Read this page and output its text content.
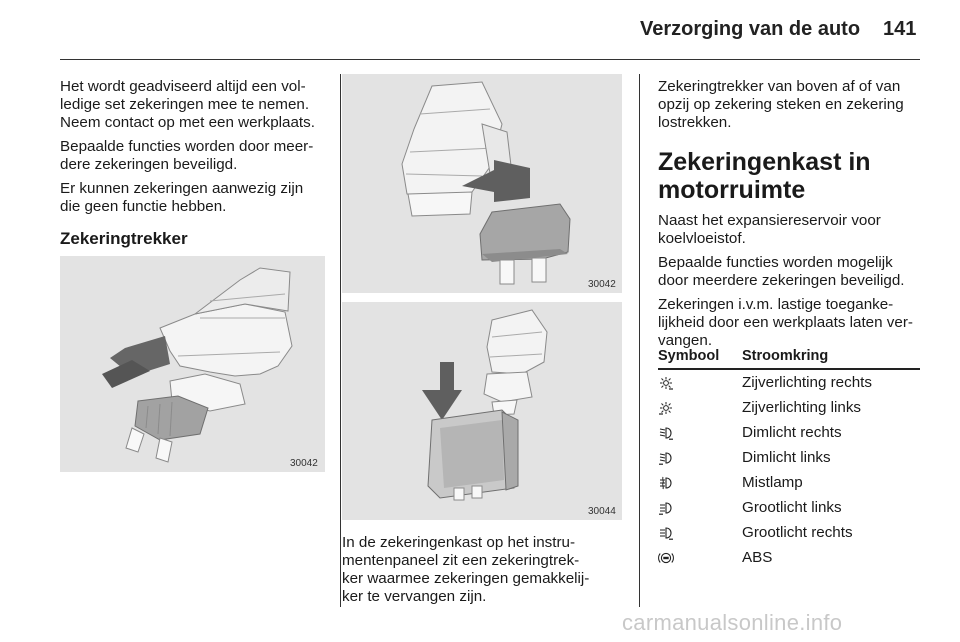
Verzorging van de auto 141

Het wordt geadviseerd altijd een vol-
ledige set zekeringen mee te nemen.
Neem contact op met een werkplaats.

Bepaalde functies worden door meer-
dere zekeringen beveiligd.

Er kunnen zekeringen aanwezig zijn
die geen functie hebben.

Zekeringtrekker

30042
30042
30044

In de zekeringenkast op het instru-
mentenpaneel zit een zekeringtrek-
ker waarmee zekeringen gemakkelij-
ker te vervangen zijn.

Zekeringtrekker van boven af of van
opzij op zekering steken en zekering
lostrekken.

Zekeringenkast in
motorruimte

Naast het expansiereservoir voor
koelvloeistof.

Bepaalde functies worden mogelijk
door meerdere zekeringen beveiligd.

Zekeringen i.v.m. lastige toeganke-
lijkheid door een werkplaats laten ver-
vangen.

Symbool	Stroomkring
	Zijverlichting rechts
	Zijverlichting links
	Dimlicht rechts
	Dimlicht links
	Mistlamp
	Grootlicht links
	Grootlicht rechts
	ABS
carmanualsonline.info
